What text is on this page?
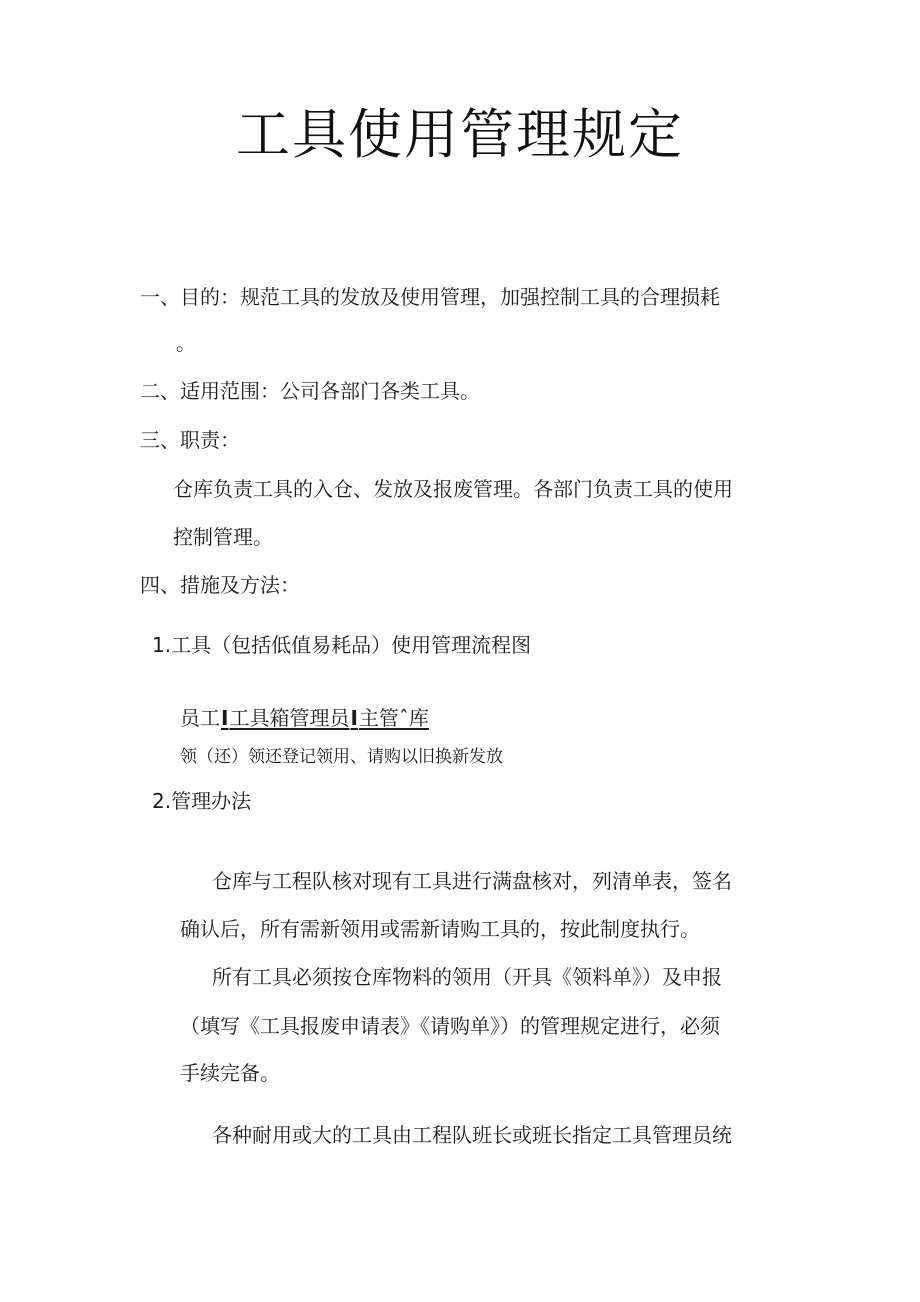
工具使用管理规定
一、目的：规范工具的发放及使用管理，加强控制工具的合理损耗
。
二、适用范围：公司各部门各类工具。
三、职责：
仓库负责工具的入仓、发放及报废管理。各部门负责工具的使用
控制管理。
四、措施及方法：
1.工具（包括低值易耗品）使用管理流程图
员工I工具箱管理员I主管ˆ库
领（还）领还登记领用、请购以旧换新发放
2.管理办法
仓库与工程队核对现有工具进行满盘核对，列清单表，签名
确认后，所有需新领用或需新请购工具的，按此制度执行。
所有工具必须按仓库物料的领用（开具《领料单》）及申报
（填写《工具报废申请表》《请购单》）的管理规定进行，必须
手续完备。
各种耐用或大的工具由工程队班长或班长指定工具管理员统
